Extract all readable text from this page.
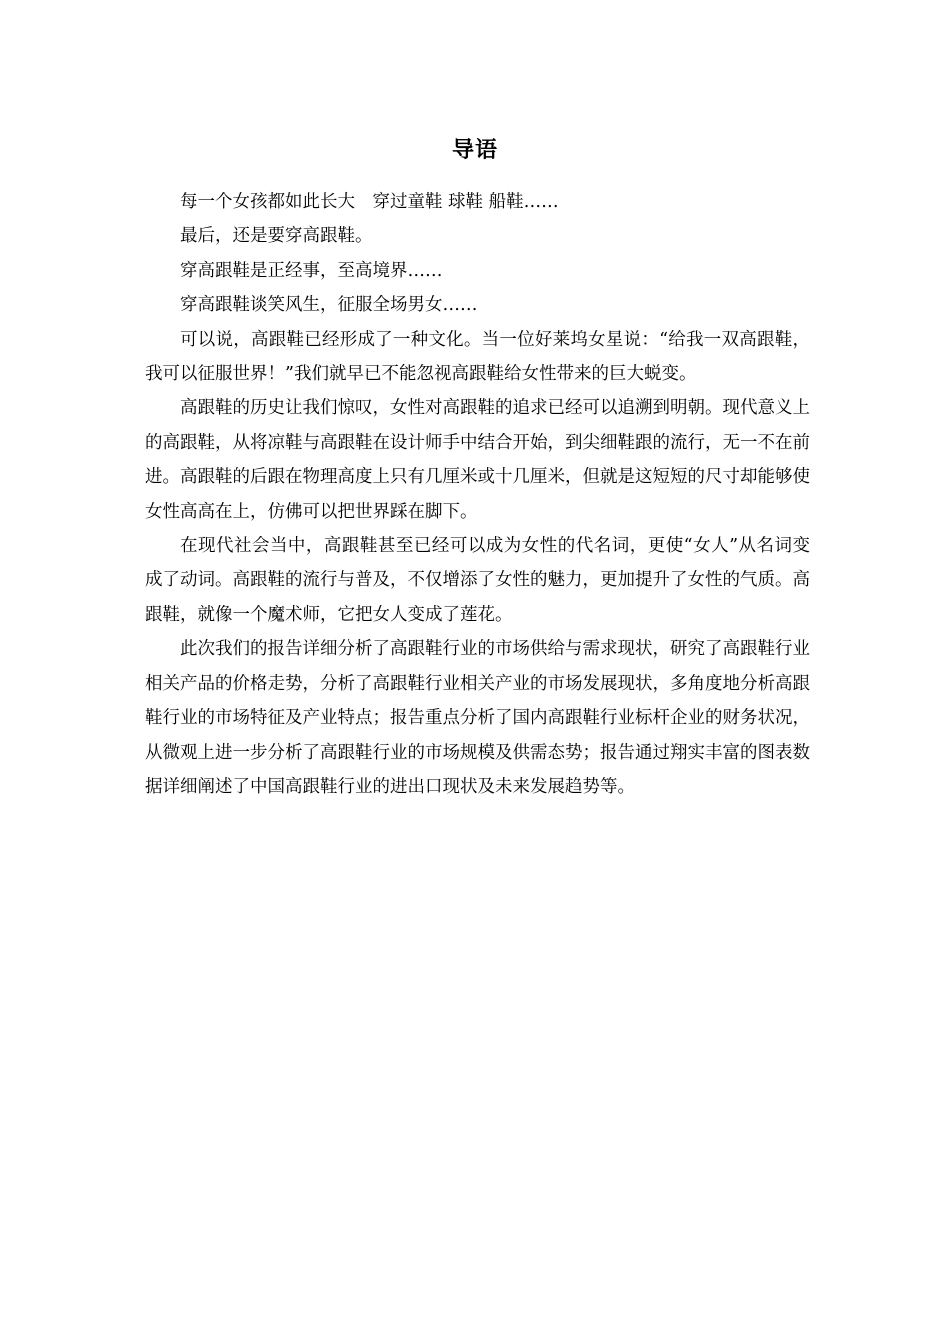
导语

每一个女孩都如此长大　穿过童鞋 球鞋 船鞋……

最后，还是要穿高跟鞋。

穿高跟鞋是正经事，至高境界……

穿高跟鞋谈笑风生，征服全场男女……

可以说，高跟鞋已经形成了一种文化。当一位好莱坞女星说：“给我一双高跟鞋，我可以征服世界！”我们就早已不能忽视高跟鞋给女性带来的巨大蜕变。

高跟鞋的历史让我们惊叹，女性对高跟鞋的追求已经可以追溯到明朝。现代意义上的高跟鞋，从将凉鞋与高跟鞋在设计师手中结合开始，到尖细鞋跟的流行，无一不在前进。高跟鞋的后跟在物理高度上只有几厘米或十几厘米，但就是这短短的尺寸却能够使女性高高在上，仿佛可以把世界踩在脚下。

在现代社会当中，高跟鞋甚至已经可以成为女性的代名词，更使“女人”从名词变成了动词。高跟鞋的流行与普及，不仅增添了女性的魅力，更加提升了女性的气质。高跟鞋，就像一个魔术师，它把女人变成了莲花。

此次我们的报告详细分析了高跟鞋行业的市场供给与需求现状，研究了高跟鞋行业相关产品的价格走势，分析了高跟鞋行业相关产业的市场发展现状，多角度地分析高跟鞋行业的市场特征及产业特点；报告重点分析了国内高跟鞋行业标杆企业的财务状况，从微观上进一步分析了高跟鞋行业的市场规模及供需态势；报告通过翔实丰富的图表数据详细阐述了中国高跟鞋行业的进出口现状及未来发展趋势等。
